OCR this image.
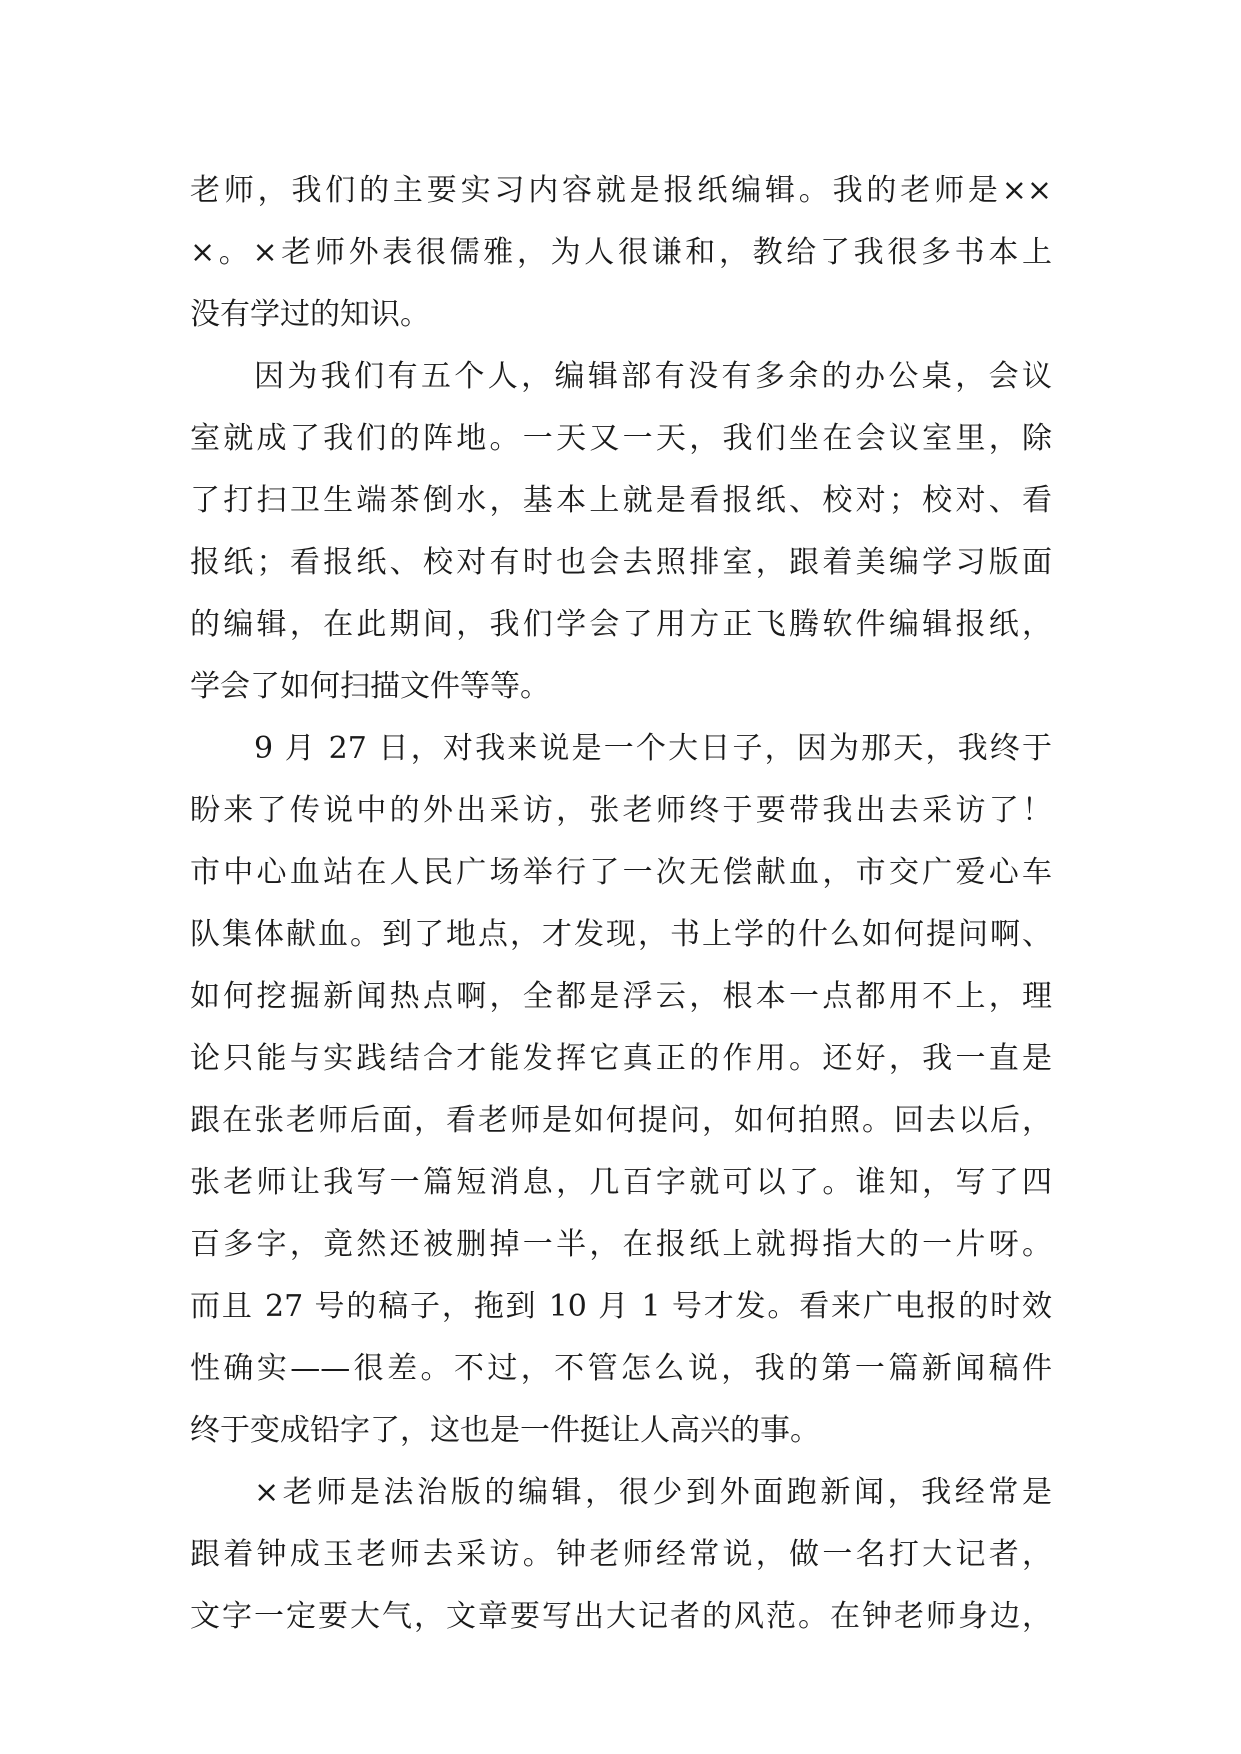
老师，我们的主要实习内容就是报纸编辑。我的老师是××
×。×老师外表很儒雅，为人很谦和，教给了我很多书本上
没有学过的知识。
因为我们有五个人，编辑部有没有多余的办公桌，会议
室就成了我们的阵地。一天又一天，我们坐在会议室里，除
了打扫卫生端茶倒水，基本上就是看报纸、校对；校对、看
报纸；看报纸、校对有时也会去照排室，跟着美编学习版面
的编辑，在此期间，我们学会了用方正飞腾软件编辑报纸，
学会了如何扫描文件等等。
9 月 27 日，对我来说是一个大日子，因为那天，我终于
盼来了传说中的外出采访，张老师终于要带我出去采访了！
市中心血站在人民广场举行了一次无偿献血，市交广爱心车
队集体献血。到了地点，才发现，书上学的什么如何提问啊、
如何挖掘新闻热点啊，全都是浮云，根本一点都用不上，理
论只能与实践结合才能发挥它真正的作用。还好，我一直是
跟在张老师后面，看老师是如何提问，如何拍照。回去以后，
张老师让我写一篇短消息，几百字就可以了。谁知，写了四
百多字，竟然还被删掉一半，在报纸上就拇指大的一片呀。
而且 27 号的稿子，拖到 10 月 1 号才发。看来广电报的时效
性确实——很差。不过，不管怎么说，我的第一篇新闻稿件
终于变成铅字了，这也是一件挺让人高兴的事。
×老师是法治版的编辑，很少到外面跑新闻，我经常是
跟着钟成玉老师去采访。钟老师经常说，做一名打大记者，
文字一定要大气，文章要写出大记者的风范。在钟老师身边，
